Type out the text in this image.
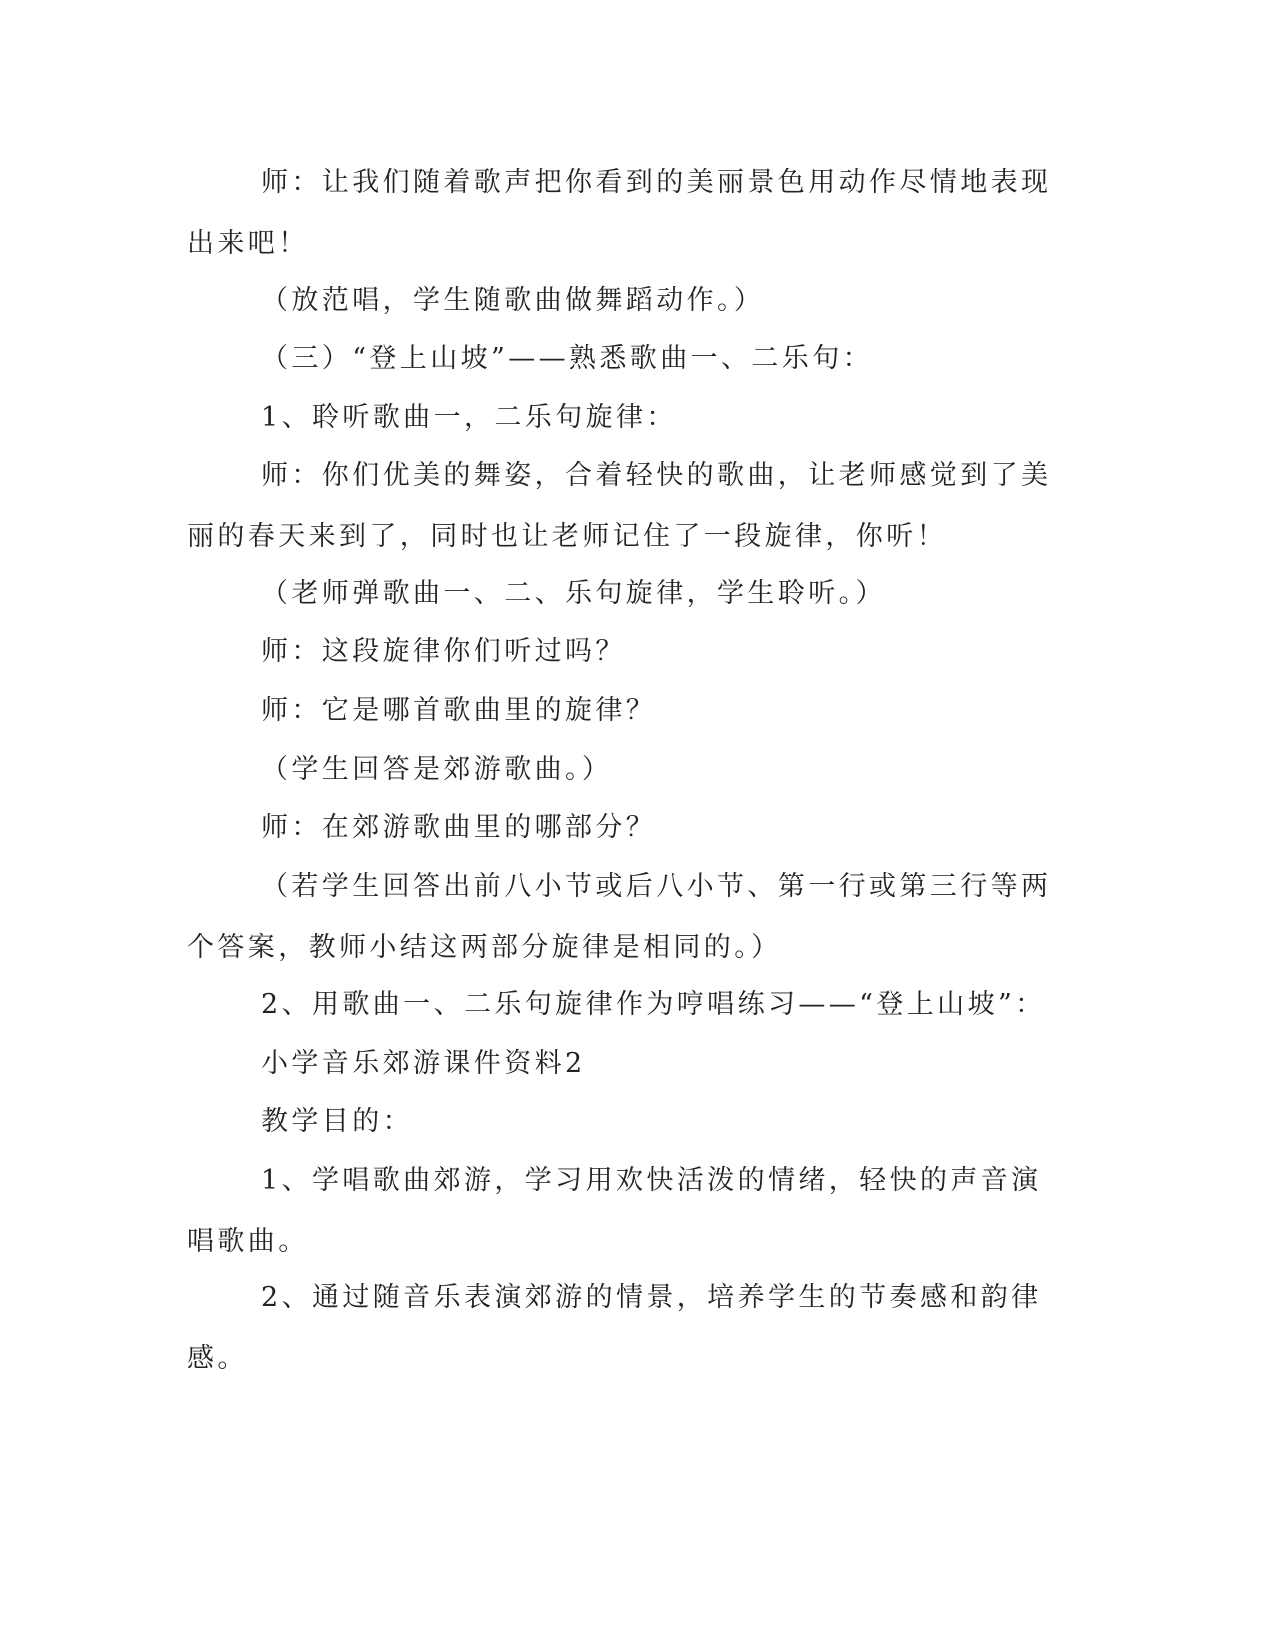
师：让我们随着歌声把你看到的美丽景色用动作尽情地表现出来吧！
（放范唱，学生随歌曲做舞蹈动作。）
（三）“登上山坡”——熟悉歌曲一、二乐句：
1、聆听歌曲一，二乐句旋律：
师：你们优美的舞姿，合着轻快的歌曲，让老师感觉到了美丽的春天来到了，同时也让老师记住了一段旋律，你听！
（老师弹歌曲一、二、乐句旋律，学生聆听。）
师：这段旋律你们听过吗？
师：它是哪首歌曲里的旋律？
（学生回答是郊游歌曲。）
师：在郊游歌曲里的哪部分？
（若学生回答出前八小节或后八小节、第一行或第三行等两个答案，教师小结这两部分旋律是相同的。）
2、用歌曲一、二乐句旋律作为哼唱练习——“登上山坡”：
小学音乐郊游课件资料2
教学目的：
1、学唱歌曲郊游，学习用欢快活泼的情绪，轻快的声音演唱歌曲。
2、通过随音乐表演郊游的情景，培养学生的节奏感和韵律感。
